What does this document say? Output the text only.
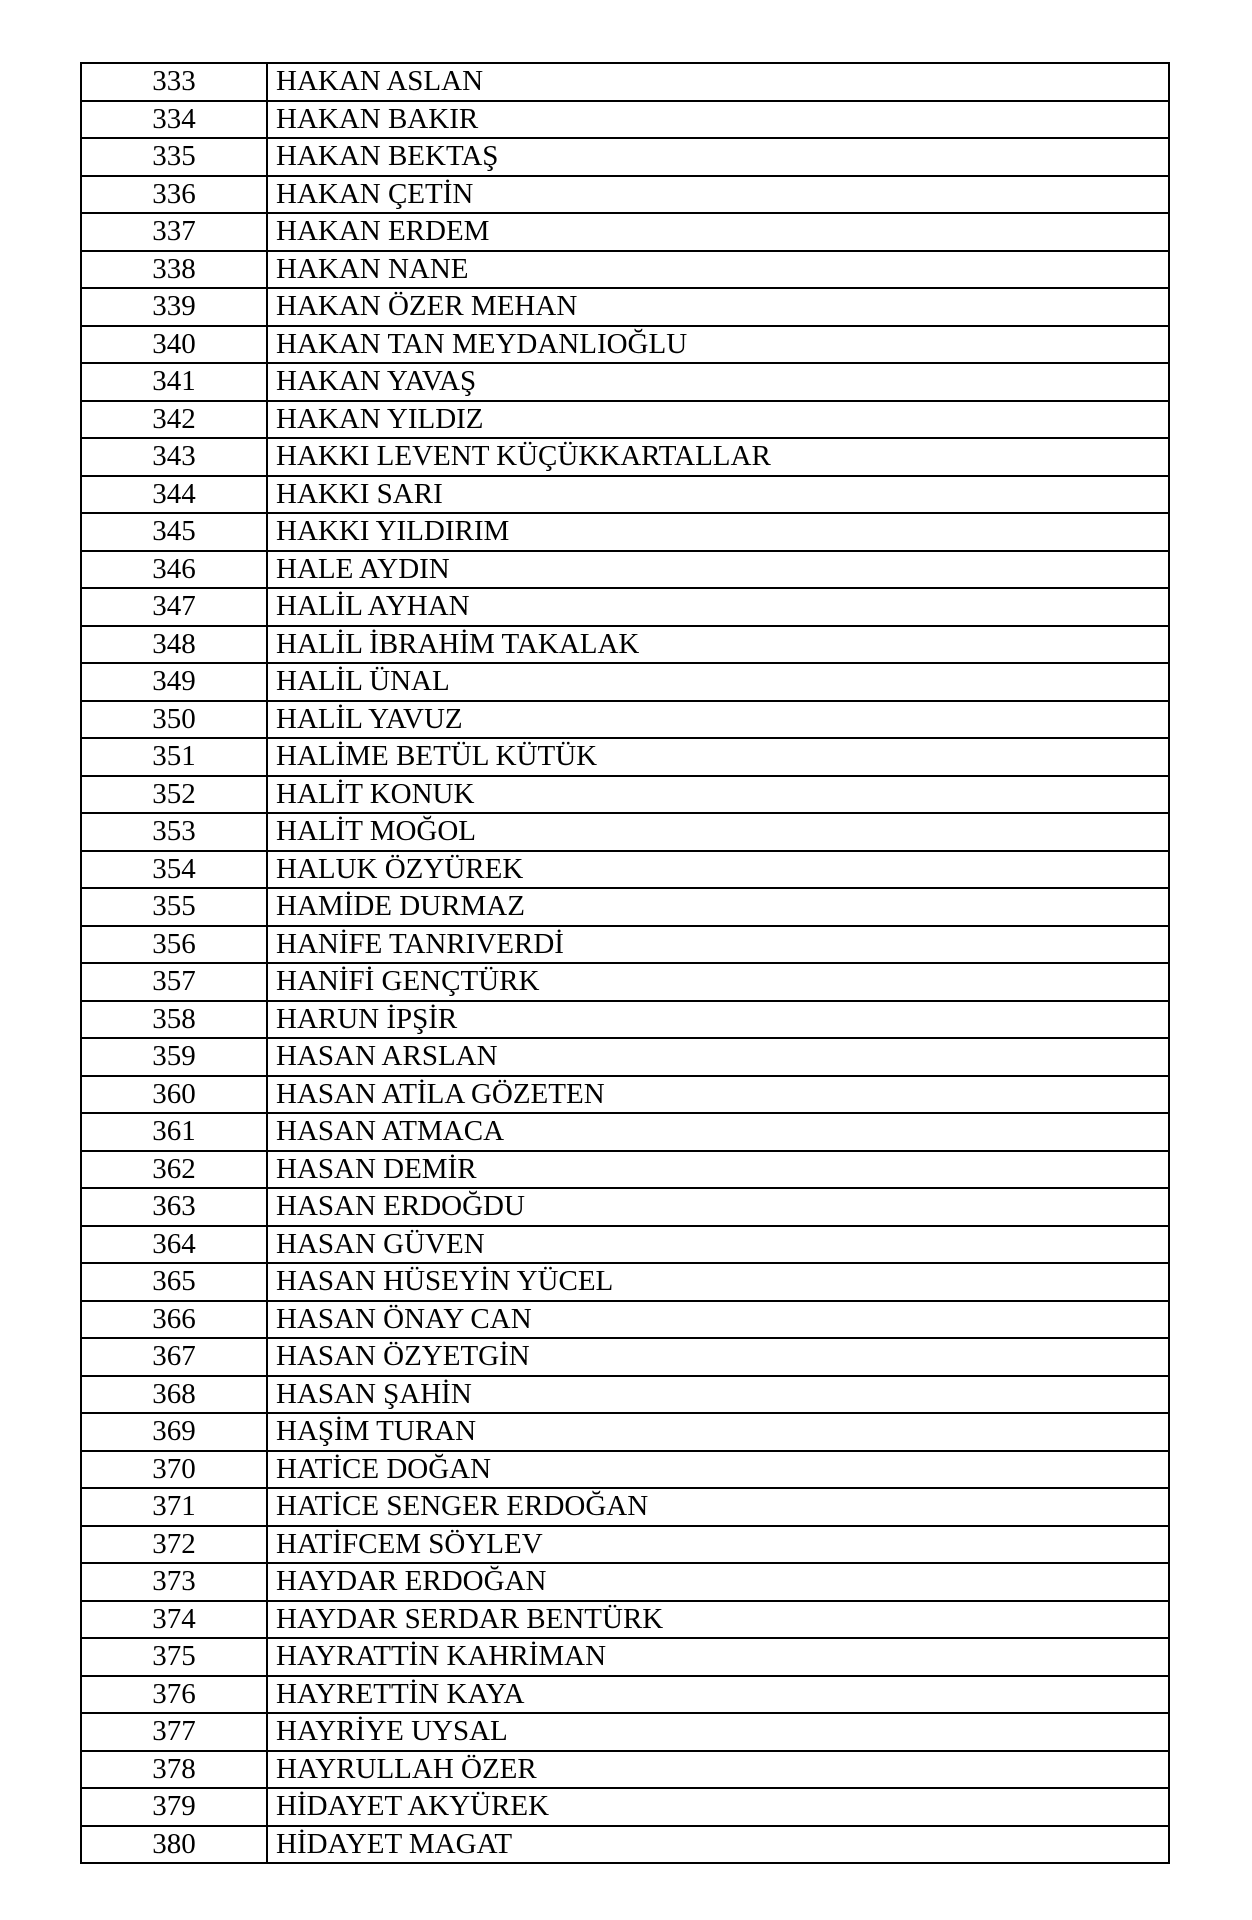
333	HAKAN ASLAN
334	HAKAN BAKIR
335	HAKAN BEKTAŞ
336	HAKAN ÇETİN
337	HAKAN ERDEM
338	HAKAN NANE
339	HAKAN ÖZER MEHAN
340	HAKAN TAN MEYDANLIOĞLU
341	HAKAN YAVAŞ
342	HAKAN YILDIZ
343	HAKKI LEVENT KÜÇÜKKARTALLAR
344	HAKKI SARI
345	HAKKI YILDIRIM
346	HALE AYDIN
347	HALİL AYHAN
348	HALİL İBRAHİM TAKALAK
349	HALİL ÜNAL
350	HALİL YAVUZ
351	HALİME BETÜL KÜTÜK
352	HALİT KONUK
353	HALİT MOĞOL
354	HALUK ÖZYÜREK
355	HAMİDE DURMAZ
356	HANİFE TANRIVERDİ
357	HANİFİ GENÇTÜRK
358	HARUN İPŞİR
359	HASAN ARSLAN
360	HASAN ATİLA GÖZETEN
361	HASAN ATMACA
362	HASAN DEMİR
363	HASAN ERDOĞDU
364	HASAN GÜVEN
365	HASAN HÜSEYİN YÜCEL
366	HASAN ÖNAY CAN
367	HASAN ÖZYETGİN
368	HASAN ŞAHİN
369	HAŞİM TURAN
370	HATİCE DOĞAN
371	HATİCE SENGER ERDOĞAN
372	HATİFCEM SÖYLEV
373	HAYDAR ERDOĞAN
374	HAYDAR SERDAR BENTÜRK
375	HAYRATTİN KAHRİMAN
376	HAYRETTİN KAYA
377	HAYRİYE UYSAL
378	HAYRULLAH ÖZER
379	HİDAYET AKYÜREK
380	HİDAYET MAGAT
